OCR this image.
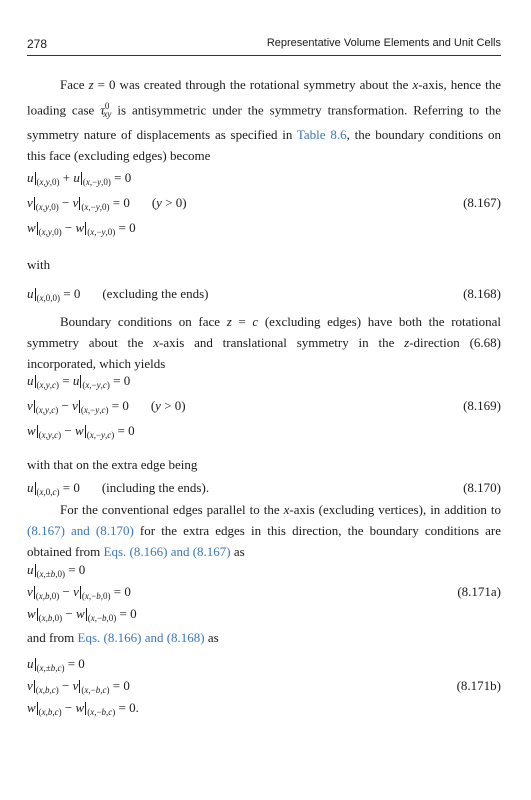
278	Representative Volume Elements and Unit Cells

Face z = 0 was created through the rotational symmetry about the x-axis, hence the loading case $\tau^0_{xy}$ is antisymmetric under the symmetry transformation. Referring to the symmetry nature of displacements as specified in Table 8.6, the boundary conditions on this face (excluding edges) become

u $_{(x,y,0)}$ + u $_{(x,-y,0)}$ = 0
v $_{(x,y,0)}$ − v $_{(x,-y,0)}$ = 0 (y > 0)	(8.167)
w $_{(x,y,0)}$ − w $_{(x,-y,0)}$ = 0
with
u $_{(x,0,0)}$ = 0 (excluding the ends)	(8.168)

Boundary conditions on face z = c (excluding edges) have both the rotational symmetry about the x-axis and translational symmetry in the z-direction (6.68) incorporated, which yields

u $_{(x,y,c)}$ = u $_{(x,-y,c)}$ = 0
v $_{(x,y,c)}$ − v $_{(x,-y,c)}$ = 0 (y > 0)	(8.169)
w $_{(x,y,c)}$ − w $_{(x,-y,c)}$ = 0
with that on the extra edge being
u $_{(x,0,c)}$ = 0 (including the ends).	(8.170)

For the conventional edges parallel to the x-axis (excluding vertices), in addition to (8.167) and (8.170) for the extra edges in this direction, the boundary conditions are obtained from Eqs. (8.166) and (8.167) as

u $_{(x,\pm b,0)}$ = 0
v $_{(x,b,0)}$ − v $_{(x,-b,0)}$ = 0	(8.171a)
w $_{(x,b,0)}$ − w $_{(x,-b,0)}$ = 0
and from Eqs. (8.166) and (8.168) as
u $_{(x,\pm b,c)}$ = 0
v $_{(x,b,c)}$ − v $_{(x,-b,c)}$ = 0	(8.171b)
w $_{(x,b,c)}$ − w $_{(x,-b,c)}$ = 0.
